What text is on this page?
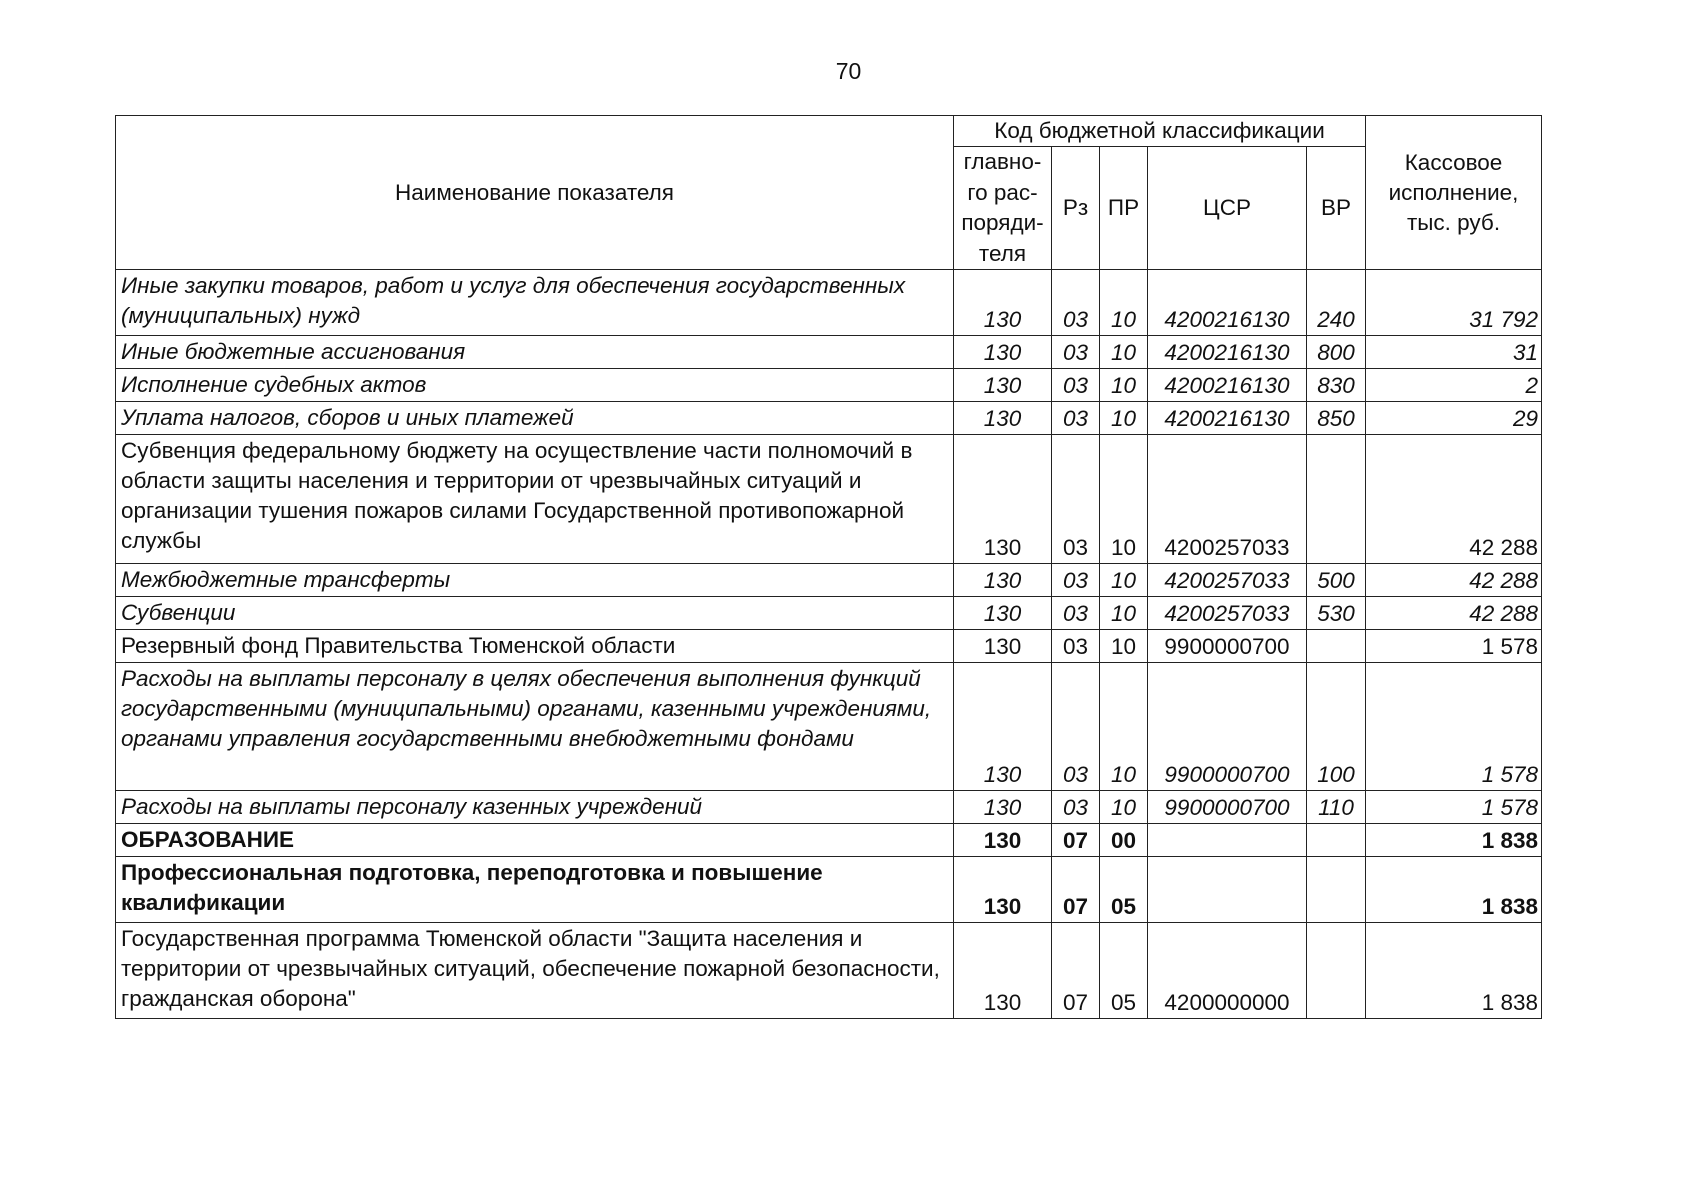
70
Наименование показателя	Код бюджетной классификации					Кассовое исполнение, тыс. руб.
	главно-го рас-поряди-теля	Рз	ПР	ЦСР	ВР	
Иные закупки товаров, работ и услуг для обеспечения государственных (муниципальных) нужд	130	03	10	4200216130	240	31 792
Иные бюджетные ассигнования	130	03	10	4200216130	800	31
Исполнение судебных актов	130	03	10	4200216130	830	2
Уплата налогов, сборов и иных платежей	130	03	10	4200216130	850	29
Субвенция федеральному бюджету на осуществление части полномочий в области защиты населения и территории от чрезвычайных ситуаций и организации тушения пожаров силами Государственной противопожарной службы	130	03	10	4200257033		42 288
Межбюджетные трансферты	130	03	10	4200257033	500	42 288
Субвенции	130	03	10	4200257033	530	42 288
Резервный фонд Правительства Тюменской области	130	03	10	9900000700		1 578
Расходы на выплаты персоналу в целях обеспечения выполнения функций государственными (муниципальными) органами, казенными учреждениями, органами управления государственными внебюджетными фондами	130	03	10	9900000700	100	1 578
Расходы на выплаты персоналу казенных учреждений	130	03	10	9900000700	110	1 578
ОБРАЗОВАНИЕ	130	07	00			1 838
Профессиональная подготовка, переподготовка и повышение квалификации	130	07	05			1 838
Государственная программа Тюменской области "Защита населения и территории от чрезвычайных ситуаций, обеспечение пожарной безопасности, гражданская оборона"	130	07	05	4200000000		1 838
